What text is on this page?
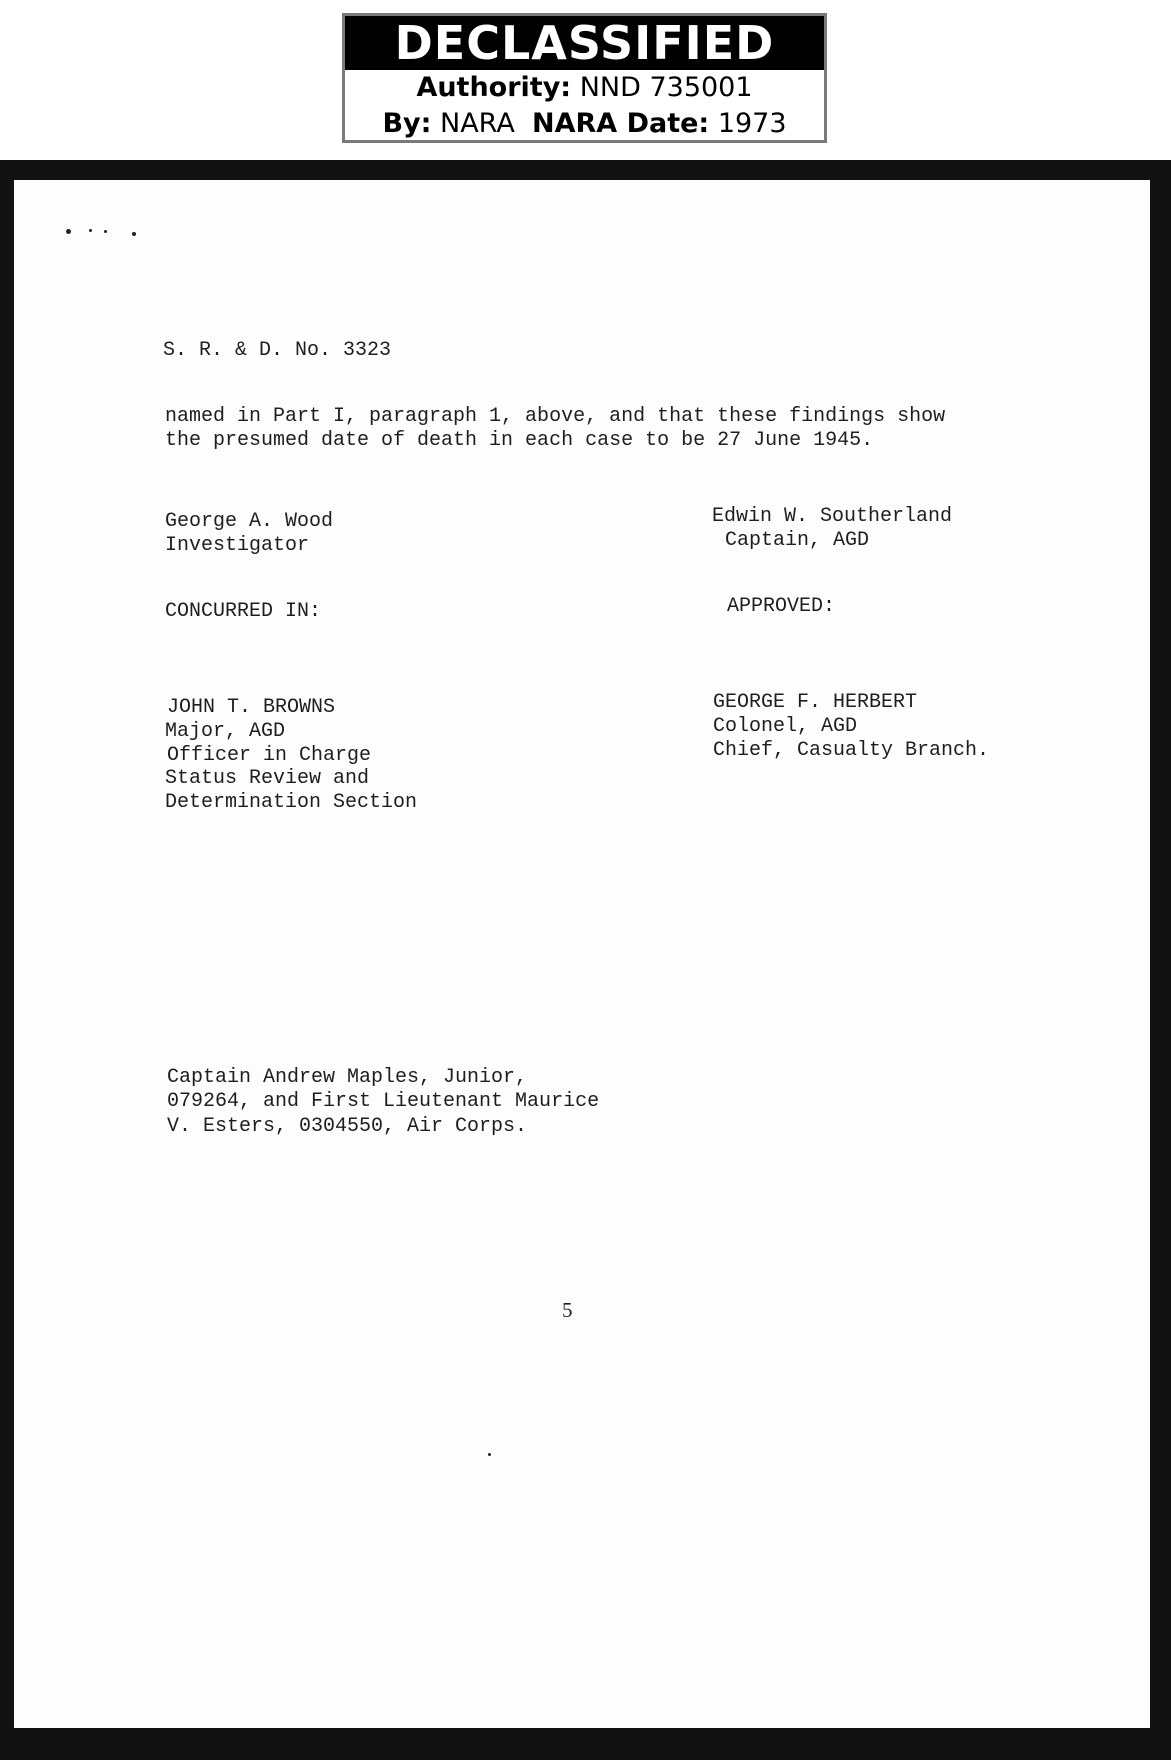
DECLASSIFIED
Authority: NND 735001
By: NARA NARA Date: 1973
S. R. & D. No. 3323
named in Part I, paragraph 1, above, and that these findings show
the presumed date of death in each case to be 27 June 1945.
George A. Wood
Investigator
Edwin W. Southerland
Captain, AGD
CONCURRED IN:	APPROVED:
JOHN T. BROWNS
Major, AGD
Officer in Charge
Status Review and
Determination Section
GEORGE F. HERBERT
Colonel, AGD
Chief, Casualty Branch.
Captain Andrew Maples, Junior,
079264, and First Lieutenant Maurice
V. Esters, 0304550, Air Corps.
5
